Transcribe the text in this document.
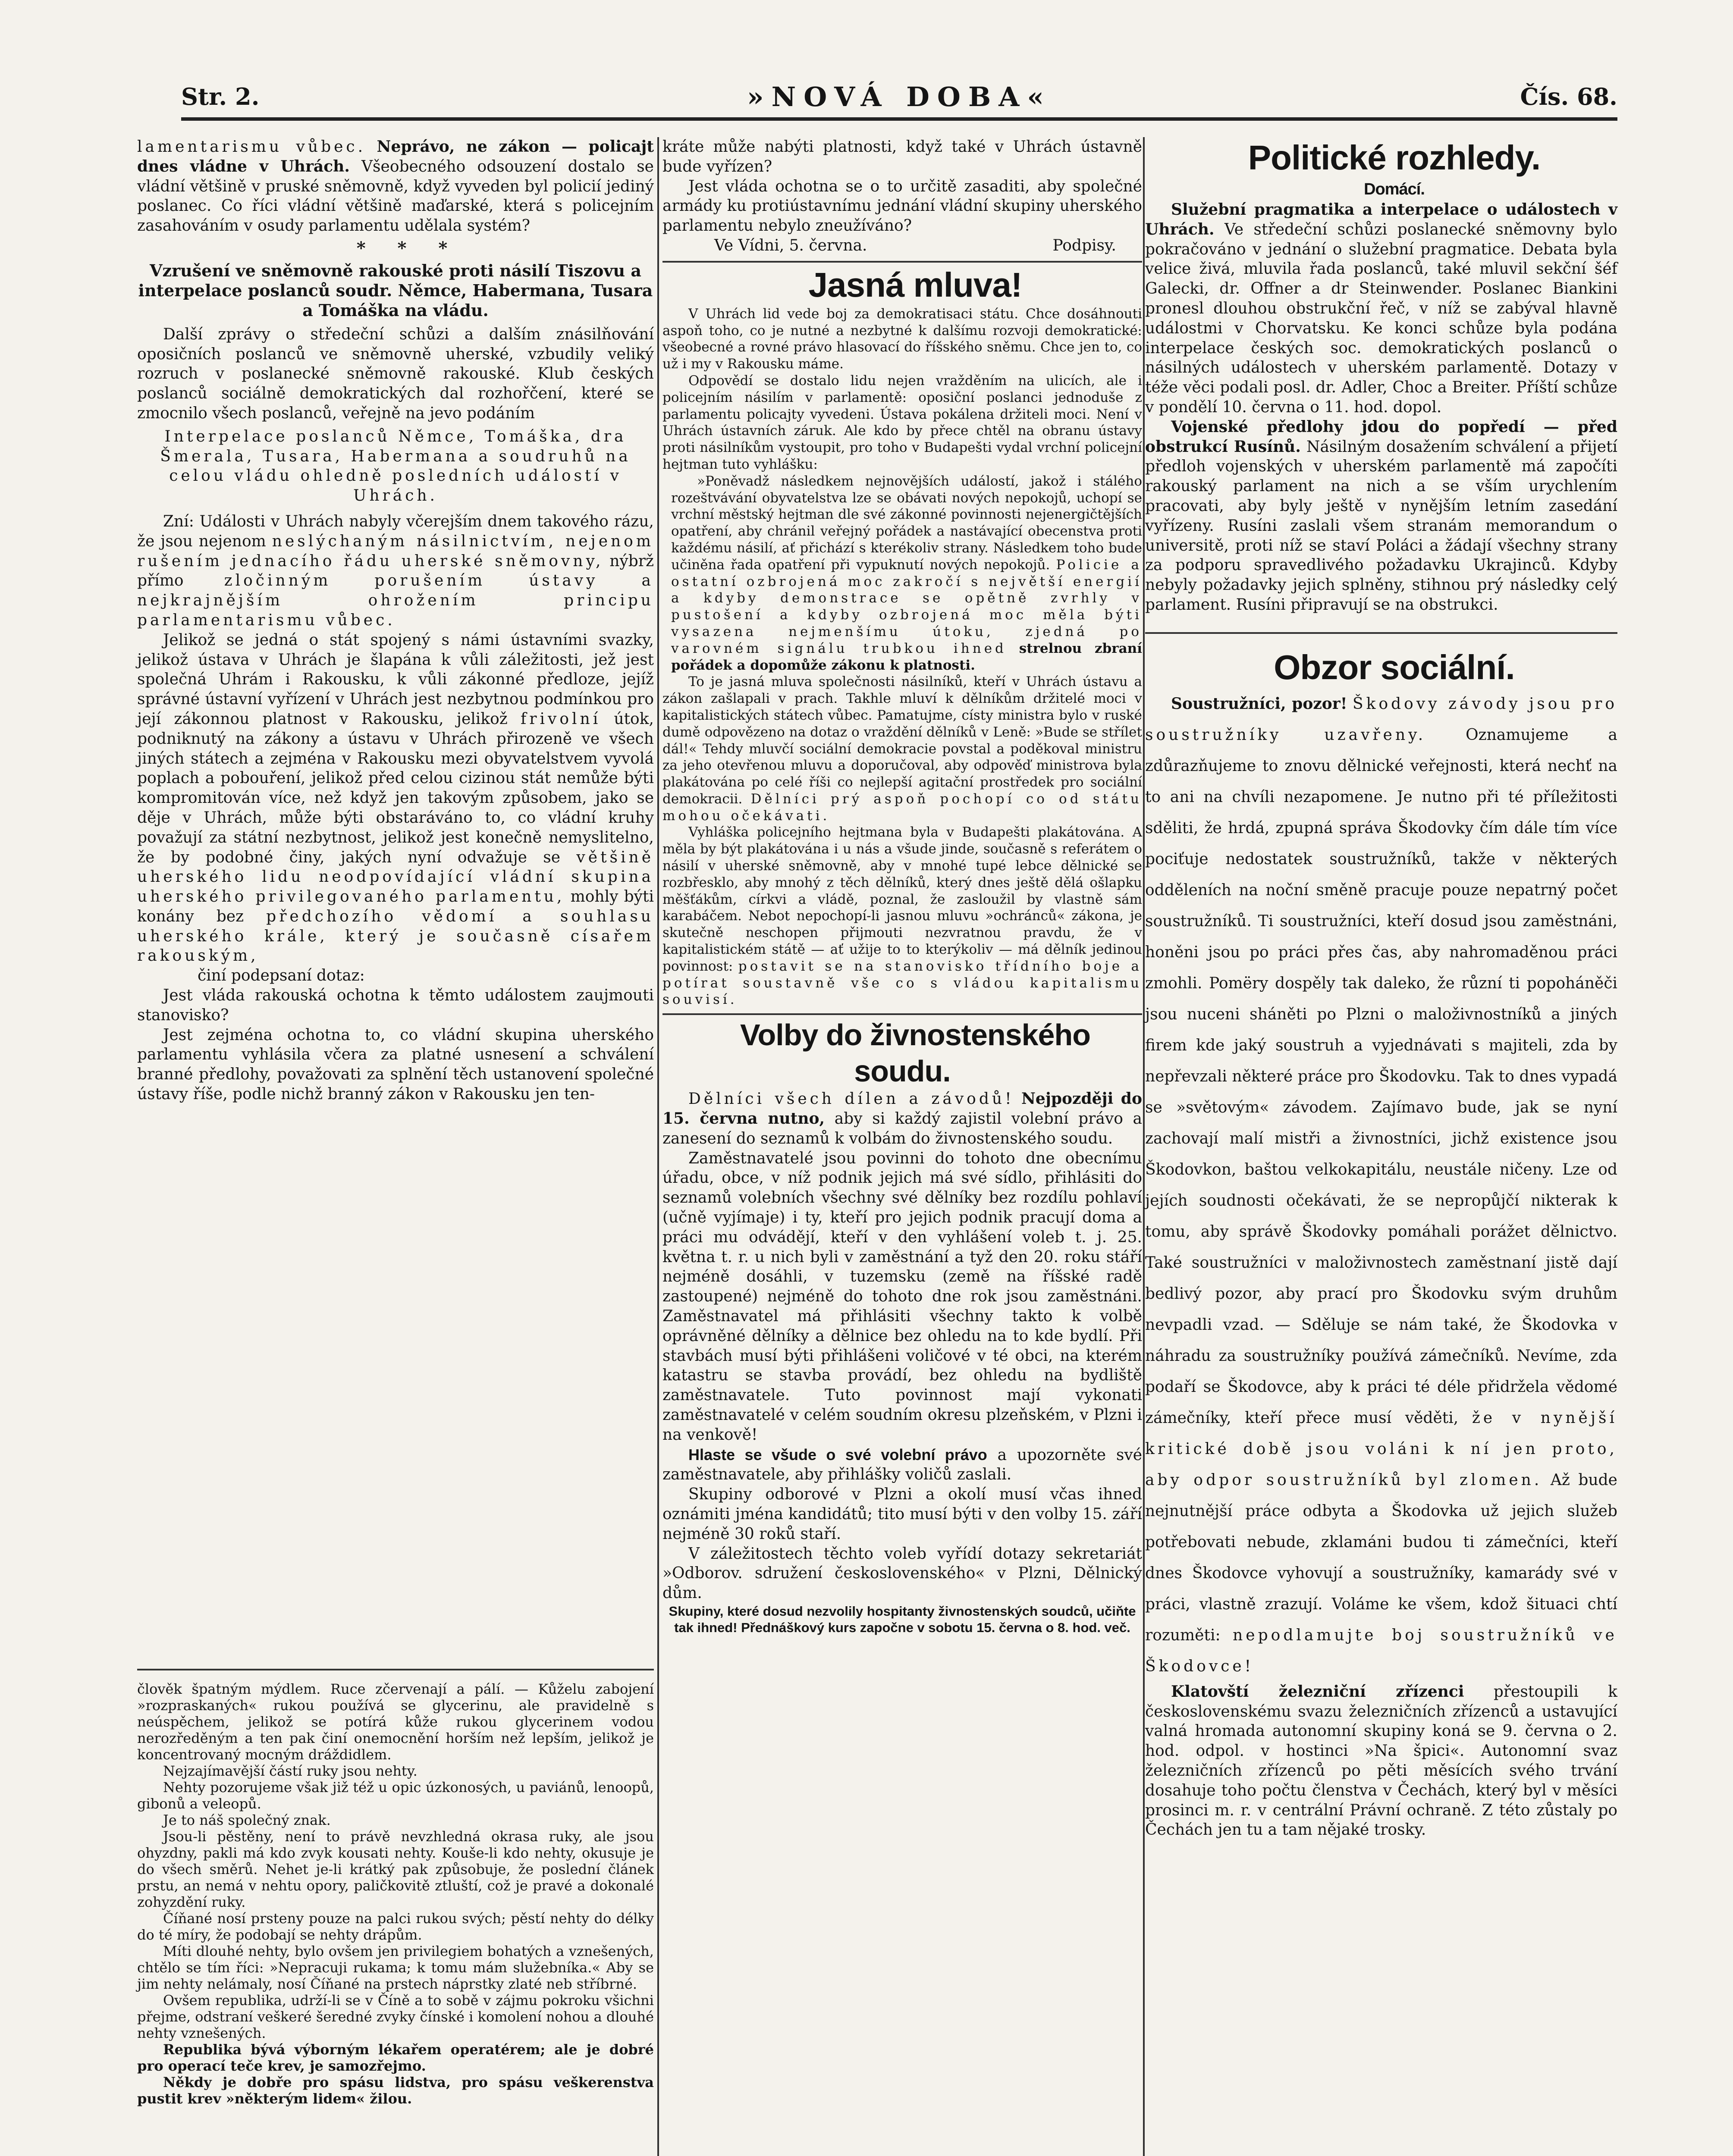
Str. 2.	»NOVÁ DOBA«	Čís. 68.

lamentarismu vůbec. Neprávo, ne zákon — policajt dnes vládne v Uhrách. Všeobecného odsouzení dostalo se vládní většině v pruské sněmovně, když vyveden byl policií jediný poslanec. Co říci vládní většině maďarské, která s policejním zasahováním v osudy parlamentu udělala systém?

* * *

Vzrušení ve sněmovně rakouské proti násilí Tiszovu a interpelace poslanců soudr. Němce, Habermana, Tusara a Tomáška na vládu.

Další zprávy o středeční schůzi a dalším znásilňování oposičních poslanců ve sněmovně uherské, vzbudily veliký rozruch v poslanecké sněmovně rakouské. Klub českých poslanců sociálně demokratických dal rozhořčení, které se zmocnilo všech poslanců, veřejně na jevo podáním

Interpelace poslanců Němce, Tomáška, dra Šmerala, Tusara, Habermana a soudruhů na celou vládu ohledně posledních událostí v Uhrách.

Zní: Události v Uhrách nabyly včerejším dnem takového rázu, že jsou nejenom neslýchaným násilnictvím, nejenom rušením jednacího řádu uherské sněmovny, nýbrž přímo	zločinným porušením ústavy a nejkrajnějším ohrožením principu parlamentarismu vůbec.

Jelikož se jedná o stát spojený s námi ústavními svazky, jelikož ústava v Uhrách je šlapána k vůli záležitosti, jež jest společná Uhrám i Rakousku, k vůli zákonné předloze, jejíž správné ústavní vyřízení v Uhrách jest nezbytnou podmínkou pro její zákonnou platnost v Rakousku, jelikož frivolní útok, podniknutý na zákony a ústavu v Uhrách přirozeně ve všech jiných státech a zejména v Rakousku mezi obyvatelstvem vyvolá poplach a pobouření, jelikož před celou cizinou stát nemůže býti kompromitován více, než když jen takovým způsobem, jako se děje v Uhrách, může býti obstaráváno to, co vládní kruhy považují za státní nezbytnost, jelikož jest konečně nemyslitelno, že by podobné činy, jakých nyní odvažuje se většině uherského lidu neodpovídající vládní skupina uherského privilegovaného parlamentu, mohly býti konány bez předchozího vědomí a souhlasu uherského krále, který je současně císařem rakouským,

činí podepsaní dotaz:

Jest vláda rakouská ochotna k těmto událostem zaujmouti stanovisko?

Jest zejména ochotna to, co vládní skupina uherského parlamentu vyhlásila včera za platné usnesení a schválení branné předlohy, považovati za splnění těch ustanovení společné ústavy říše, podle nichž branný zákon v Rakousku jen ten-

člověk špatným mýdlem. Ruce zčervenají a pálí. — Kůželu zabojení »rozpraskaných« rukou používá se glycerinu, ale pravidelně s neúspěchem, jelikož se potírá kůže rukou glycerinem vodou nerozředěným a ten pak činí onemocnění horším než lepším, jelikož je koncentrovaný mocným dráždidlem.

Nejzajímavější částí ruky jsou nehty.

Nehty pozorujeme však již též u opic úzkonosých, u paviánů, lenoopů, gibonů a veleopů.

Je to náš společný znak.

Jsou-li pěstěny, není to právě nevzhledná okrasa ruky, ale jsou ohyzdny, pakli má kdo zvyk kousati nehty. Kouše-li kdo nehty, okusuje je do všech směrů. Nehet je-li krátký pak způsobuje, že poslední článek prstu, an nemá v nehtu opory, paličkovitě ztluští, což je pravé a dokonalé zohyzdění ruky.

Číňané nosí prsteny pouze na palci rukou svých; pěstí nehty do délky do té míry, že podobají se nehty drápům.

Míti dlouhé nehty, bylo ovšem jen privilegiem bohatých a vznešených, chtělo se tím říci: »Nepracuji rukama; k tomu mám služebníka.« Aby se jim nehty nelámaly, nosí Číňané na prstech náprstky zlaté neb stříbrné.

Ovšem republika, udrží-li se v Číně a to sobě v zájmu pokroku všichni přejme, odstraní veškeré šeredné zvyky čínské i komolení nohou a dlouhé nehty vznešených.

Republika bývá výborným lékařem operatérem; ale je dobré pro operací teče krev, je samozřejmo.

Někdy je dobře pro spásu lidstva, pro spásu veškerenstva pustit krev »některým lidem« žilou.

kráte může nabýti platnosti, když také v Uhrách ústavně bude vyřízen?

Jest vláda ochotna se o to určitě zasaditi, aby společné armády ku protiústavnímu jednání vládní skupiny uherského parlamentu nebylo zneužíváno?

Ve Vídni, 5. června.	Podpisy.

Jasná mluva!

V Uhrách lid vede boj za demokratisaci státu. Chce dosáhnouti aspoň toho, co je nutné a nezbytné k dalšímu rozvoji demokratické: všeobecné a rovné právo hlasovací do říšského sněmu. Chce jen to, co už i my v Rakousku máme.

Odpovědí se dostalo lidu nejen vražděním na ulicích, ale i policejním násilím v parlamentě: oposiční poslanci jednoduše z parlamentu policajty vyvedeni. Ústava pokálena držiteli moci. Není v Uhrách ústavních záruk. Ale kdo by přece chtěl na obranu ústavy proti násilníkům vystoupit, pro toho v Budapešti vydal vrchní policejní hejtman tuto vyhlášku:

»Poněvadž následkem nejnovějších událostí, jakož i stálého rozeštvávání obyvatelstva lze se obávati nových nepokojů, uchopí se vrchní městský hejtman dle své zákonné povinnosti nejenergičtějších opatření, aby chránil veřejný pořádek a nastávající obecenstva proti každému násilí, ať přichází s kterékoliv strany. Následkem toho bude učiněna řada opatření při vypuknutí nových nepokojů. Policie a ostatní ozbrojená moc zakročí s největší energií a kdyby demonstrace se opětně zvrhly v pustošení a kdyby ozbrojená moc měla býti vysazena nejmenšímu útoku, zjedná po varovném signálu trubkou ihned strelnou zbraní pořádek a dopomůže zákonu k platnosti.

To je jasná mluva společnosti násilníků, kteří v Uhrách ústavu a zákon zašlapali v prach. Takhle mluví k dělníkům držitelé moci v kapitalistických státech vůbec. Pamatujme, císty ministra bylo v ruské dumě odpovězeno na dotaz o vraždění dělníků v Leně: »Bude se střílet dál!« Tehdy mluvčí sociální demokracie povstal a poděkoval ministru za jeho otevřenou mluvu a doporučoval, aby odpověď ministrova byla plakátována po celé říši co nejlepší agitační prostředek pro sociální demokracii. Dělníci prý aspoň pochopí co od státu mohou očekávati.

Vyhláška policejního hejtmana byla v Budapešti plakátována. A měla by být plakátována i u nás a všude jinde, současně s referátem o násilí v uherské sněmovně, aby v mnohé tupé lebce dělnické se rozbřesklo, aby mnohý z těch dělníků, který dnes ještě dělá ošlapku měšťákům, církvi a vládě, poznal, že zasloužil by vlastně sám karabáčem. Nebot nepochopí-li jasnou mluvu »ochránců« zákona, je skutečně neschopen přijmouti nezvratnou pravdu, že v kapitalistickém státě — ať užije to to kterýkoliv — má dělník jedinou povinnost: postavit se na stanovisko třídního boje a potírat soustavně vše co s vládou kapitalismu souvisí.

Volby do živnostenského soudu.

Dělníci všech dílen a závodů! Nejpozději do 15. června nutno, aby si každý zajistil volební právo a zanesení do seznamů k volbám do živnostenského soudu.

Zaměstnavatelé jsou povinni do tohoto dne obecnímu úřadu, obce, v níž podnik jejich má své sídlo, přihlásiti do seznamů volebních všechny své dělníky bez rozdílu pohlaví (učně vyjímaje) i ty, kteří pro jejich podnik pracují doma a práci mu odvádějí, kteří v den vyhlášení voleb t. j. 25. května t. r. u nich byli v zaměstnání a tyž den 20. roku stáří nejméně dosáhli, v tuzemsku (země na říšské radě zastoupené) nejméně do tohoto dne rok jsou zaměstnáni. Zaměstnavatel má přihlásiti všechny takto k volbě oprávněné dělníky a dělnice bez ohledu na to kde bydlí. Při stavbách musí býti přihlášeni voličové v té obci, na kterém katastru se stavba provádí, bez ohledu na bydliště zaměstnavatele. Tuto povinnost mají vykonati zaměstnavatelé v celém soudním okresu plzeňském, v Plzni i na venkově!

Hlaste se všude o své volební právo a upozorněte své zaměstnavatele, aby přihlášky voličů zaslali.

Skupiny odborové v Plzni a okolí musí včas ihned oznámiti jména kandidátů; tito musí býti v den volby 15. září nejméně 30 roků staří.

V záležitostech těchto voleb vyřídí dotazy sekretariát »Odborov. sdružení československého« v Plzni, Dělnický dům.

Skupiny, které dosud nezvolily hospitanty živnostenských soudců, učiňte tak ihned! Přednáškový kurs započne v sobotu 15. června o 8. hod. več.

Politické rozhledy.

Domácí.

Služební pragmatika a interpelace o událostech v Uhrách. Ve středeční schůzi poslanecké sněmovny bylo pokračováno v jednání o služební pragmatice. Debata byla velice živá, mluvila řada poslanců, také mluvil sekční šéf Galecki, dr. Offner a dr Steinwender. Poslanec Biankini pronesl dlouhou obstrukční řeč, v níž se zabýval hlavně událostmi v Chorvatsku. Ke konci schůze byla podána interpelace českých soc. demokratických poslanců o násilných událostech v uherském parlamentě. Dotazy v téže věci podali posl. dr. Adler, Choc a Breiter. Příští schůze v pondělí 10. června o 11. hod. dopol.

Vojenské předlohy jdou do popředí — před obstrukcí Rusínů. Násilným dosažením schválení a přijetí předloh vojenských v uherském parlamentě má započíti rakouský parlament na nich a se vším urychlením pracovati, aby byly ještě v nynějším letním zasedání vyřízeny. Rusíni zaslali všem stranám memorandum o universitě, proti níž se staví Poláci a žádají všechny strany za podporu spravedlivého požadavku Ukrajinců. Kdyby nebyly požadavky jejich splněny, stihnou prý následky celý parlament. Rusíni připravují se na obstrukci.

Obzor sociální.

Soustružníci, pozor! Škodovy závody jsou pro soustružníky uzavřeny.	Oznamujeme a zdůrazňujeme to znovu dělnické veřejnosti, která nechť na to ani na chvíli nezapomene. Je nutno při té příležitosti sděliti, že hrdá, zpupná správa Škodovky čím dále tím více pociťuje nedostatek soustružníků, takže v některých odděleních na noční směně pracuje pouze nepatrný počet soustružníků. Ti soustružníci, kteří dosud jsou zaměstnáni, honěni jsou po práci přes čas, aby nahromaděnou práci zmohli. Pomëry dospěly tak daleko, že různí ti popoháněči jsou nuceni sháněti po Plzni o maloživnostníků a jiných firem kde jaký soustruh a vyjednávati s majiteli, zda by nepřevzali některé práce pro Škodovku. Tak to dnes vypadá se »světovým« závodem. Zajímavo bude, jak se nyní zachovají malí mistři a živnostníci, jichž existence jsou Škodovkon, baštou velkokapitálu, neustále ničeny. Lze od jejích soudnosti očekávati, že se nepropůjčí nikterak k tomu, aby správě Škodovky pomáhali porážet dělnictvo. Také soustružníci v maloživnostech zaměstnaní jistě dají bedlivý pozor, aby prací pro Škodovku svým druhům nevpadli vzad. — Sděluje se nám také, že Škodovka v náhradu za soustružníky používá zámečníků. Nevíme, zda podaří se Škodovce, aby k práci té déle přidržela vědomé zámečníky, kteří přece musí věděti, že v nynější kritické době jsou voláni k ní jen proto, aby odpor soustružníků byl zlomen. Až bude nejnutnější práce odbyta a Škodovka už jejich služeb potřebovati nebude, zklamáni budou ti zámečníci, kteří dnes Škodovce vyhovují a soustružníky, kamarády své v práci, vlastně zrazují. Voláme ke všem, kdož šituaci chtí rozuměti: nepodlamujte boj soustružníků ve Škodovce!

Klatovští železniční zřízenci přestoupili k československému svazu železničních zřízenců a ustavující valná hromada autonomní skupiny koná se 9. června o 2. hod. odpol. v hostinci »Na špici«. Autonomní svaz železničních zřízenců po pěti měsících svého trvání dosahuje toho počtu členstva v Čechách, který byl v měsíci prosinci m. r. v centrální Právní ochraně. Z této zůstaly po Čechách jen tu a tam nějaké trosky.
